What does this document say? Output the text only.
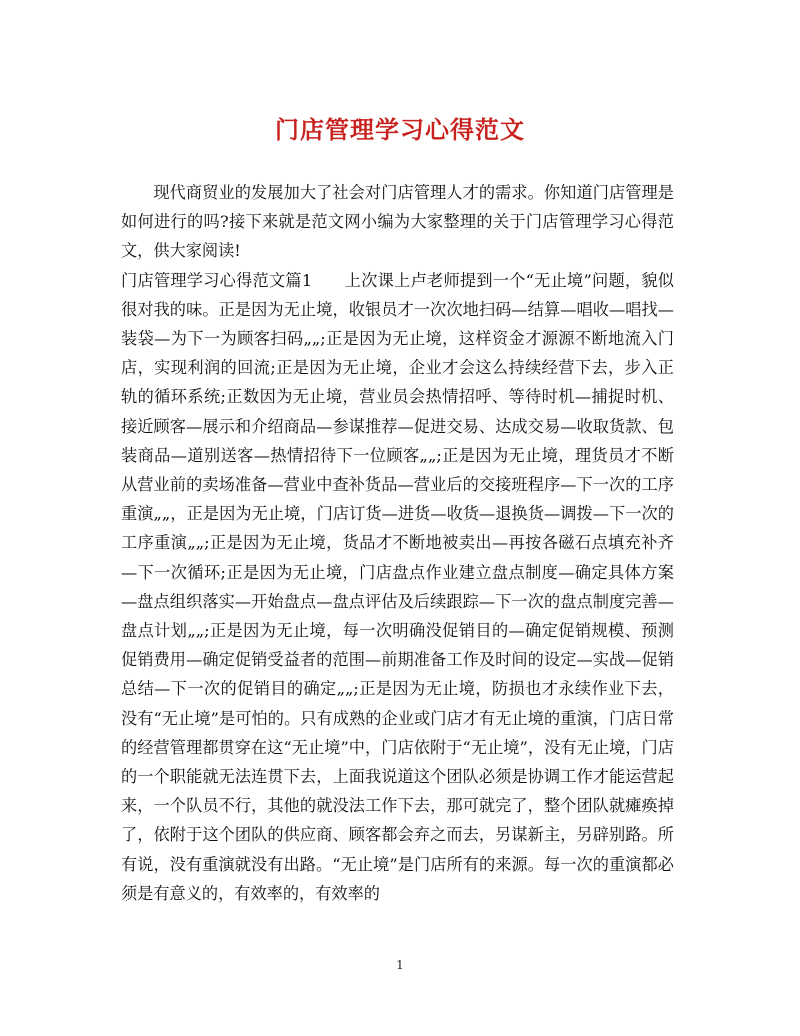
门店管理学习心得范文

现代商贸业的发展加大了社会对门店管理人才的需求。你知道门店管理是如何进行的吗?接下来就是范文网小编为大家整理的关于门店管理学习心得范文，供大家阅读!

门店管理学习心得范文篇1 上次课上卢老师提到一个“无止境”问题，貌似很对我的味。正是因为无止境，收银员才一次次地扫码—结算—唱收—唱找—装袋—为下一为顾客扫码„„;正是因为无止境，这样资金才源源不断地流入门店，实现利润的回流;正是因为无止境，企业才会这么持续经营下去，步入正轨的循环系统;正数因为无止境，营业员会热情招呼、等待时机—捕捉时机、接近顾客—展示和介绍商品—参谋推荐—促进交易、达成交易—收取货款、包装商品—道别送客—热情招待下一位顾客„„;正是因为无止境，理货员才不断从营业前的卖场准备—营业中查补货品—营业后的交接班程序—下一次的工序重演„„，正是因为无止境，门店订货—进货—收货—退换货—调拨—下一次的工序重演„„;正是因为无止境，货品才不断地被卖出—再按各磁石点填充补齐—下一次循环;正是因为无止境，门店盘点作业建立盘点制度—确定具体方案—盘点组织落实—开始盘点—盘点评估及后续跟踪—下一次的盘点制度完善—盘点计划„„;正是因为无止境，每一次明确没促销目的—确定促销规模、预测促销费用—确定促销受益者的范围—前期准备工作及时间的设定—实战—促销总结—下一次的促销目的确定„„;正是因为无止境，防损也才永续作业下去，没有“无止境”是可怕的。只有成熟的企业或门店才有无止境的重演，门店日常的经营管理都贯穿在这“无止境”中，门店依附于“无止境”，没有无止境，门店的一个职能就无法连贯下去，上面我说道这个团队必须是协调工作才能运营起来，一个队员不行，其他的就没法工作下去，那可就完了，整个团队就瘫痪掉了，依附于这个团队的供应商、顾客都会弃之而去，另谋新主，另辟别路。所有说，没有重演就没有出路。“无止境”是门店所有的来源。每一次的重演都必须是有意义的，有效率的，有效率的

1
